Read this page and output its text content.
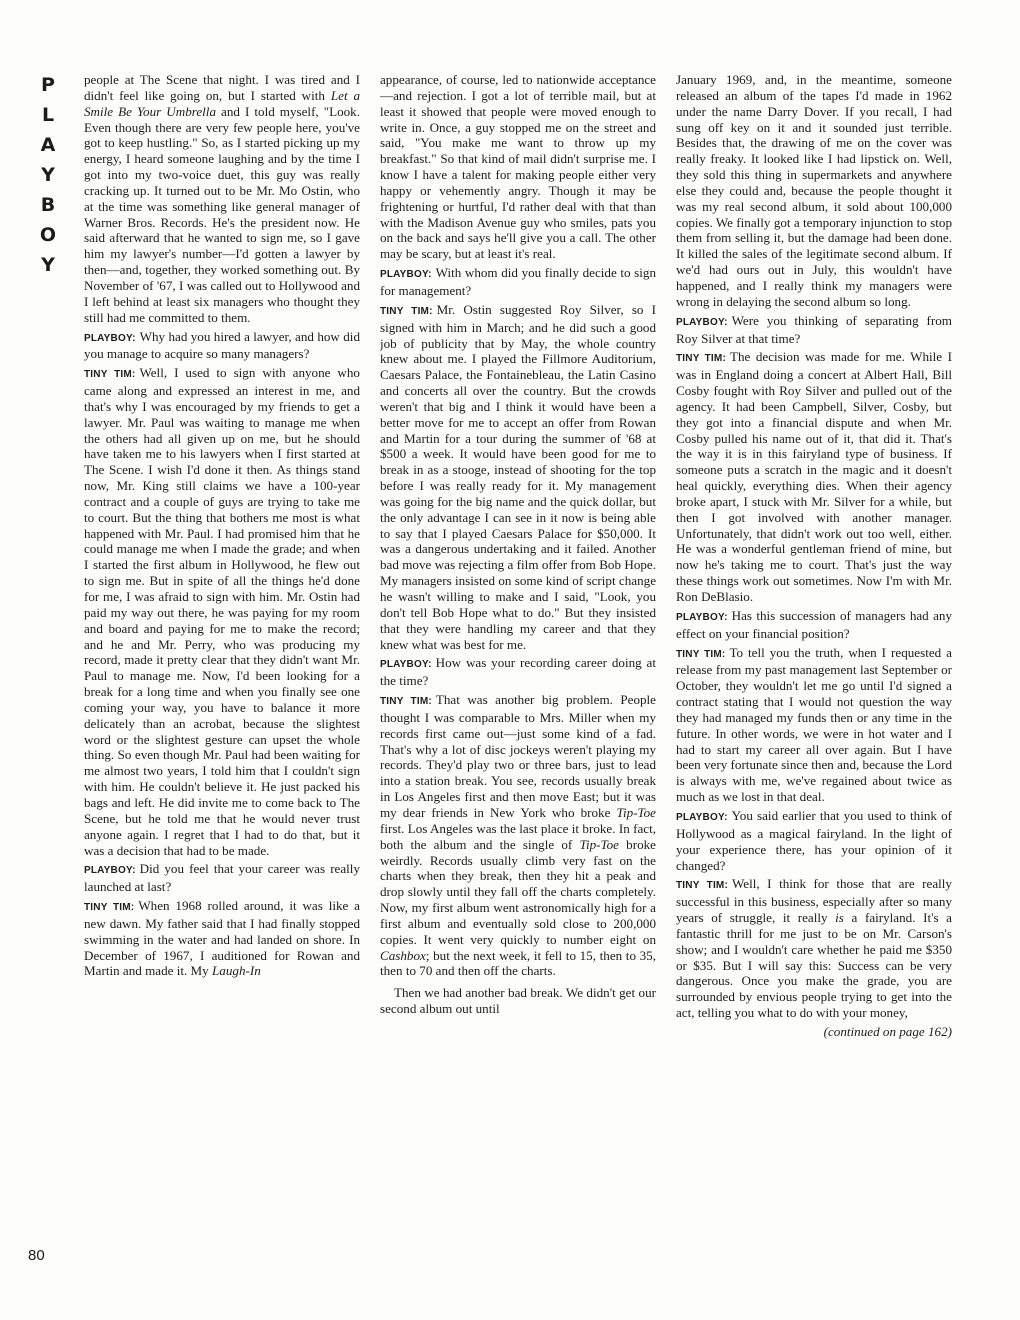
P
L
A
Y
B
O
Y
80

people at The Scene that night. I was tired and I didn't feel like going on, but I started with Let a Smile Be Your Umbrella and I told myself, "Look. Even though there are very few people here, you've got to keep hustling." So, as I started picking up my energy, I heard someone laughing and by the time I got into my two-voice duet, this guy was really cracking up. It turned out to be Mr. Mo Ostin, who at the time was something like general manager of Warner Bros. Records. He's the president now. He said afterward that he wanted to sign me, so I gave him my lawyer's number—I'd gotten a lawyer by then—and, together, they worked something out. By November of '67, I was called out to Hollywood and I left behind at least six managers who thought they still had me committed to them.

PLAYBOY: Why had you hired a lawyer, and how did you manage to acquire so many managers?

TINY TIM: Well, I used to sign with anyone who came along and expressed an interest in me, and that's why I was encouraged by my friends to get a lawyer. Mr. Paul was waiting to manage me when the others had all given up on me, but he should have taken me to his lawyers when I first started at The Scene. I wish I'd done it then. As things stand now, Mr. King still claims we have a 100-year contract and a couple of guys are trying to take me to court. But the thing that bothers me most is what happened with Mr. Paul. I had promised him that he could manage me when I made the grade; and when I started the first album in Hollywood, he flew out to sign me. But in spite of all the things he'd done for me, I was afraid to sign with him. Mr. Ostin had paid my way out there, he was paying for my room and board and paying for me to make the record; and he and Mr. Perry, who was producing my record, made it pretty clear that they didn't want Mr. Paul to manage me. Now, I'd been looking for a break for a long time and when you finally see one coming your way, you have to balance it more delicately than an acrobat, because the slightest word or the slightest gesture can upset the whole thing. So even though Mr. Paul had been waiting for me almost two years, I told him that I couldn't sign with him. He couldn't believe it. He just packed his bags and left. He did invite me to come back to The Scene, but he told me that he would never trust anyone again. I regret that I had to do that, but it was a decision that had to be made.

PLAYBOY: Did you feel that your career was really launched at last?

TINY TIM: When 1968 rolled around, it was like a new dawn. My father said that I had finally stopped swimming in the water and had landed on shore. In December of 1967, I auditioned for Rowan and Martin and made it. My Laugh-In

appearance, of course, led to nationwide acceptance—and rejection. I got a lot of terrible mail, but at least it showed that people were moved enough to write in. Once, a guy stopped me on the street and said, "You make me want to throw up my breakfast." So that kind of mail didn't surprise me. I know I have a talent for making people either very happy or vehemently angry. Though it may be frightening or hurtful, I'd rather deal with that than with the Madison Avenue guy who smiles, pats you on the back and says he'll give you a call. The other may be scary, but at least it's real.

PLAYBOY: With whom did you finally decide to sign for management?

TINY TIM: Mr. Ostin suggested Roy Silver, so I signed with him in March; and he did such a good job of publicity that by May, the whole country knew about me. I played the Fillmore Auditorium, Caesars Palace, the Fontainebleau, the Latin Casino and concerts all over the country. But the crowds weren't that big and I think it would have been a better move for me to accept an offer from Rowan and Martin for a tour during the summer of '68 at $500 a week. It would have been good for me to break in as a stooge, instead of shooting for the top before I was really ready for it. My management was going for the big name and the quick dollar, but the only advantage I can see in it now is being able to say that I played Caesars Palace for $50,000. It was a dangerous undertaking and it failed. Another bad move was rejecting a film offer from Bob Hope. My managers insisted on some kind of script change he wasn't willing to make and I said, "Look, you don't tell Bob Hope what to do." But they insisted that they were handling my career and that they knew what was best for me.

PLAYBOY: How was your recording career doing at the time?

TINY TIM: That was another big problem. People thought I was comparable to Mrs. Miller when my records first came out—just some kind of a fad. That's why a lot of disc jockeys weren't playing my records. They'd play two or three bars, just to lead into a station break. You see, records usually break in Los Angeles first and then move East; but it was my dear friends in New York who broke Tip-Toe first. Los Angeles was the last place it broke. In fact, both the album and the single of Tip-Toe broke weirdly. Records usually climb very fast on the charts when they break, then they hit a peak and drop slowly until they fall off the charts completely. Now, my first album went astronomically high for a first album and eventually sold close to 200,000 copies. It went very quickly to number eight on Cashbox; but the next week, it fell to 15, then to 35, then to 70 and then off the charts.

Then we had another bad break. We didn't get our second album out until

January 1969, and, in the meantime, someone released an album of the tapes I'd made in 1962 under the name Darry Dover. If you recall, I had sung off key on it and it sounded just terrible. Besides that, the drawing of me on the cover was really freaky. It looked like I had lipstick on. Well, they sold this thing in supermarkets and anywhere else they could and, because the people thought it was my real second album, it sold about 100,000 copies. We finally got a temporary injunction to stop them from selling it, but the damage had been done. It killed the sales of the legitimate second album. If we'd had ours out in July, this wouldn't have happened, and I really think my managers were wrong in delaying the second album so long.

PLAYBOY: Were you thinking of separating from Roy Silver at that time?

TINY TIM: The decision was made for me. While I was in England doing a concert at Albert Hall, Bill Cosby fought with Roy Silver and pulled out of the agency. It had been Campbell, Silver, Cosby, but they got into a financial dispute and when Mr. Cosby pulled his name out of it, that did it. That's the way it is in this fairyland type of business. If someone puts a scratch in the magic and it doesn't heal quickly, everything dies. When their agency broke apart, I stuck with Mr. Silver for a while, but then I got involved with another manager. Unfortunately, that didn't work out too well, either. He was a wonderful gentleman friend of mine, but now he's taking me to court. That's just the way these things work out sometimes. Now I'm with Mr. Ron DeBlasio.

PLAYBOY: Has this succession of managers had any effect on your financial position?

TINY TIM: To tell you the truth, when I requested a release from my past management last September or October, they wouldn't let me go until I'd signed a contract stating that I would not question the way they had managed my funds then or any time in the future. In other words, we were in hot water and I had to start my career all over again. But I have been very fortunate since then and, because the Lord is always with me, we've regained about twice as much as we lost in that deal.

PLAYBOY: You said earlier that you used to think of Hollywood as a magical fairyland. In the light of your experience there, has your opinion of it changed?

TINY TIM: Well, I think for those that are really successful in this business, especially after so many years of struggle, it really is a fairyland. It's a fantastic thrill for me just to be on Mr. Carson's show; and I wouldn't care whether he paid me $350 or $35. But I will say this: Success can be very dangerous. Once you make the grade, you are surrounded by envious people trying to get into the act, telling you what to do with your money,

(continued on page 162)
